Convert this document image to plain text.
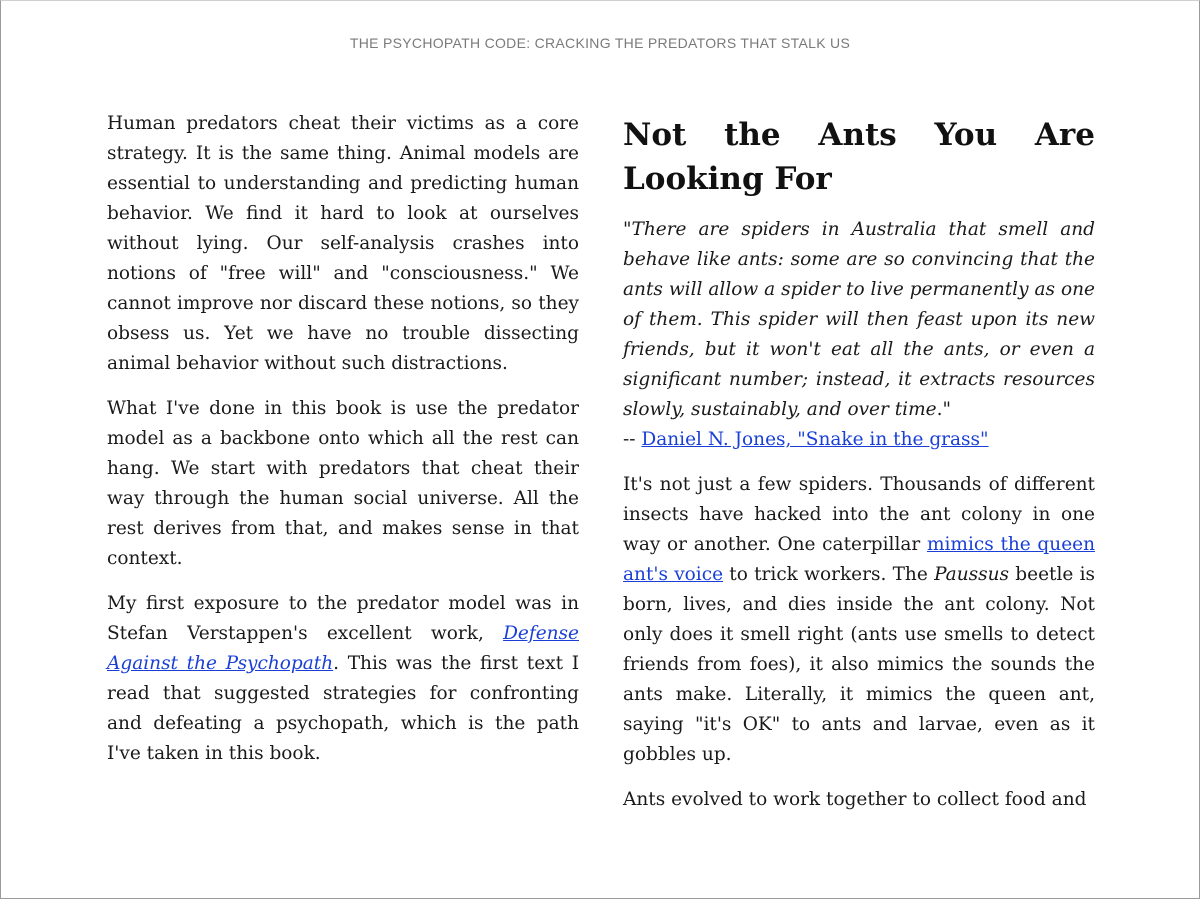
THE PSYCHOPATH CODE: CRACKING THE PREDATORS THAT STALK US

Human predators cheat their victims as a core strategy. It is the same thing. Animal models are essential to understanding and predicting human behavior. We find it hard to look at ourselves without lying. Our self-analysis crashes into notions of "free will" and "consciousness." We cannot improve nor discard these notions, so they obsess us. Yet we have no trouble dissecting animal behavior without such distractions.

What I've done in this book is use the predator model as a backbone onto which all the rest can hang. We start with predators that cheat their way through the human social universe. All the rest derives from that, and makes sense in that context.

My first exposure to the predator model was in Stefan Verstappen's excellent work, Defense Against the Psychopath. This was the first text I read that suggested strategies for confronting and defeating a psychopath, which is the path I've taken in this book.

Not the Ants You Are Looking For

"There are spiders in Australia that smell and behave like ants: some are so convincing that the ants will allow a spider to live permanently as one of them. This spider will then feast upon its new friends, but it won't eat all the ants, or even a significant number; instead, it extracts resources slowly, sustainably, and over time."
-- Daniel N. Jones, "Snake in the grass"

It's not just a few spiders. Thousands of different insects have hacked into the ant colony in one way or another. One caterpillar mimics the queen ant's voice to trick workers. The Paussus beetle is born, lives, and dies inside the ant colony. Not only does it smell right (ants use smells to detect friends from foes), it also mimics the sounds the ants make. Literally, it mimics the queen ant, saying "it's OK" to ants and larvae, even as it gobbles up.

Ants evolved to work together to collect food and
